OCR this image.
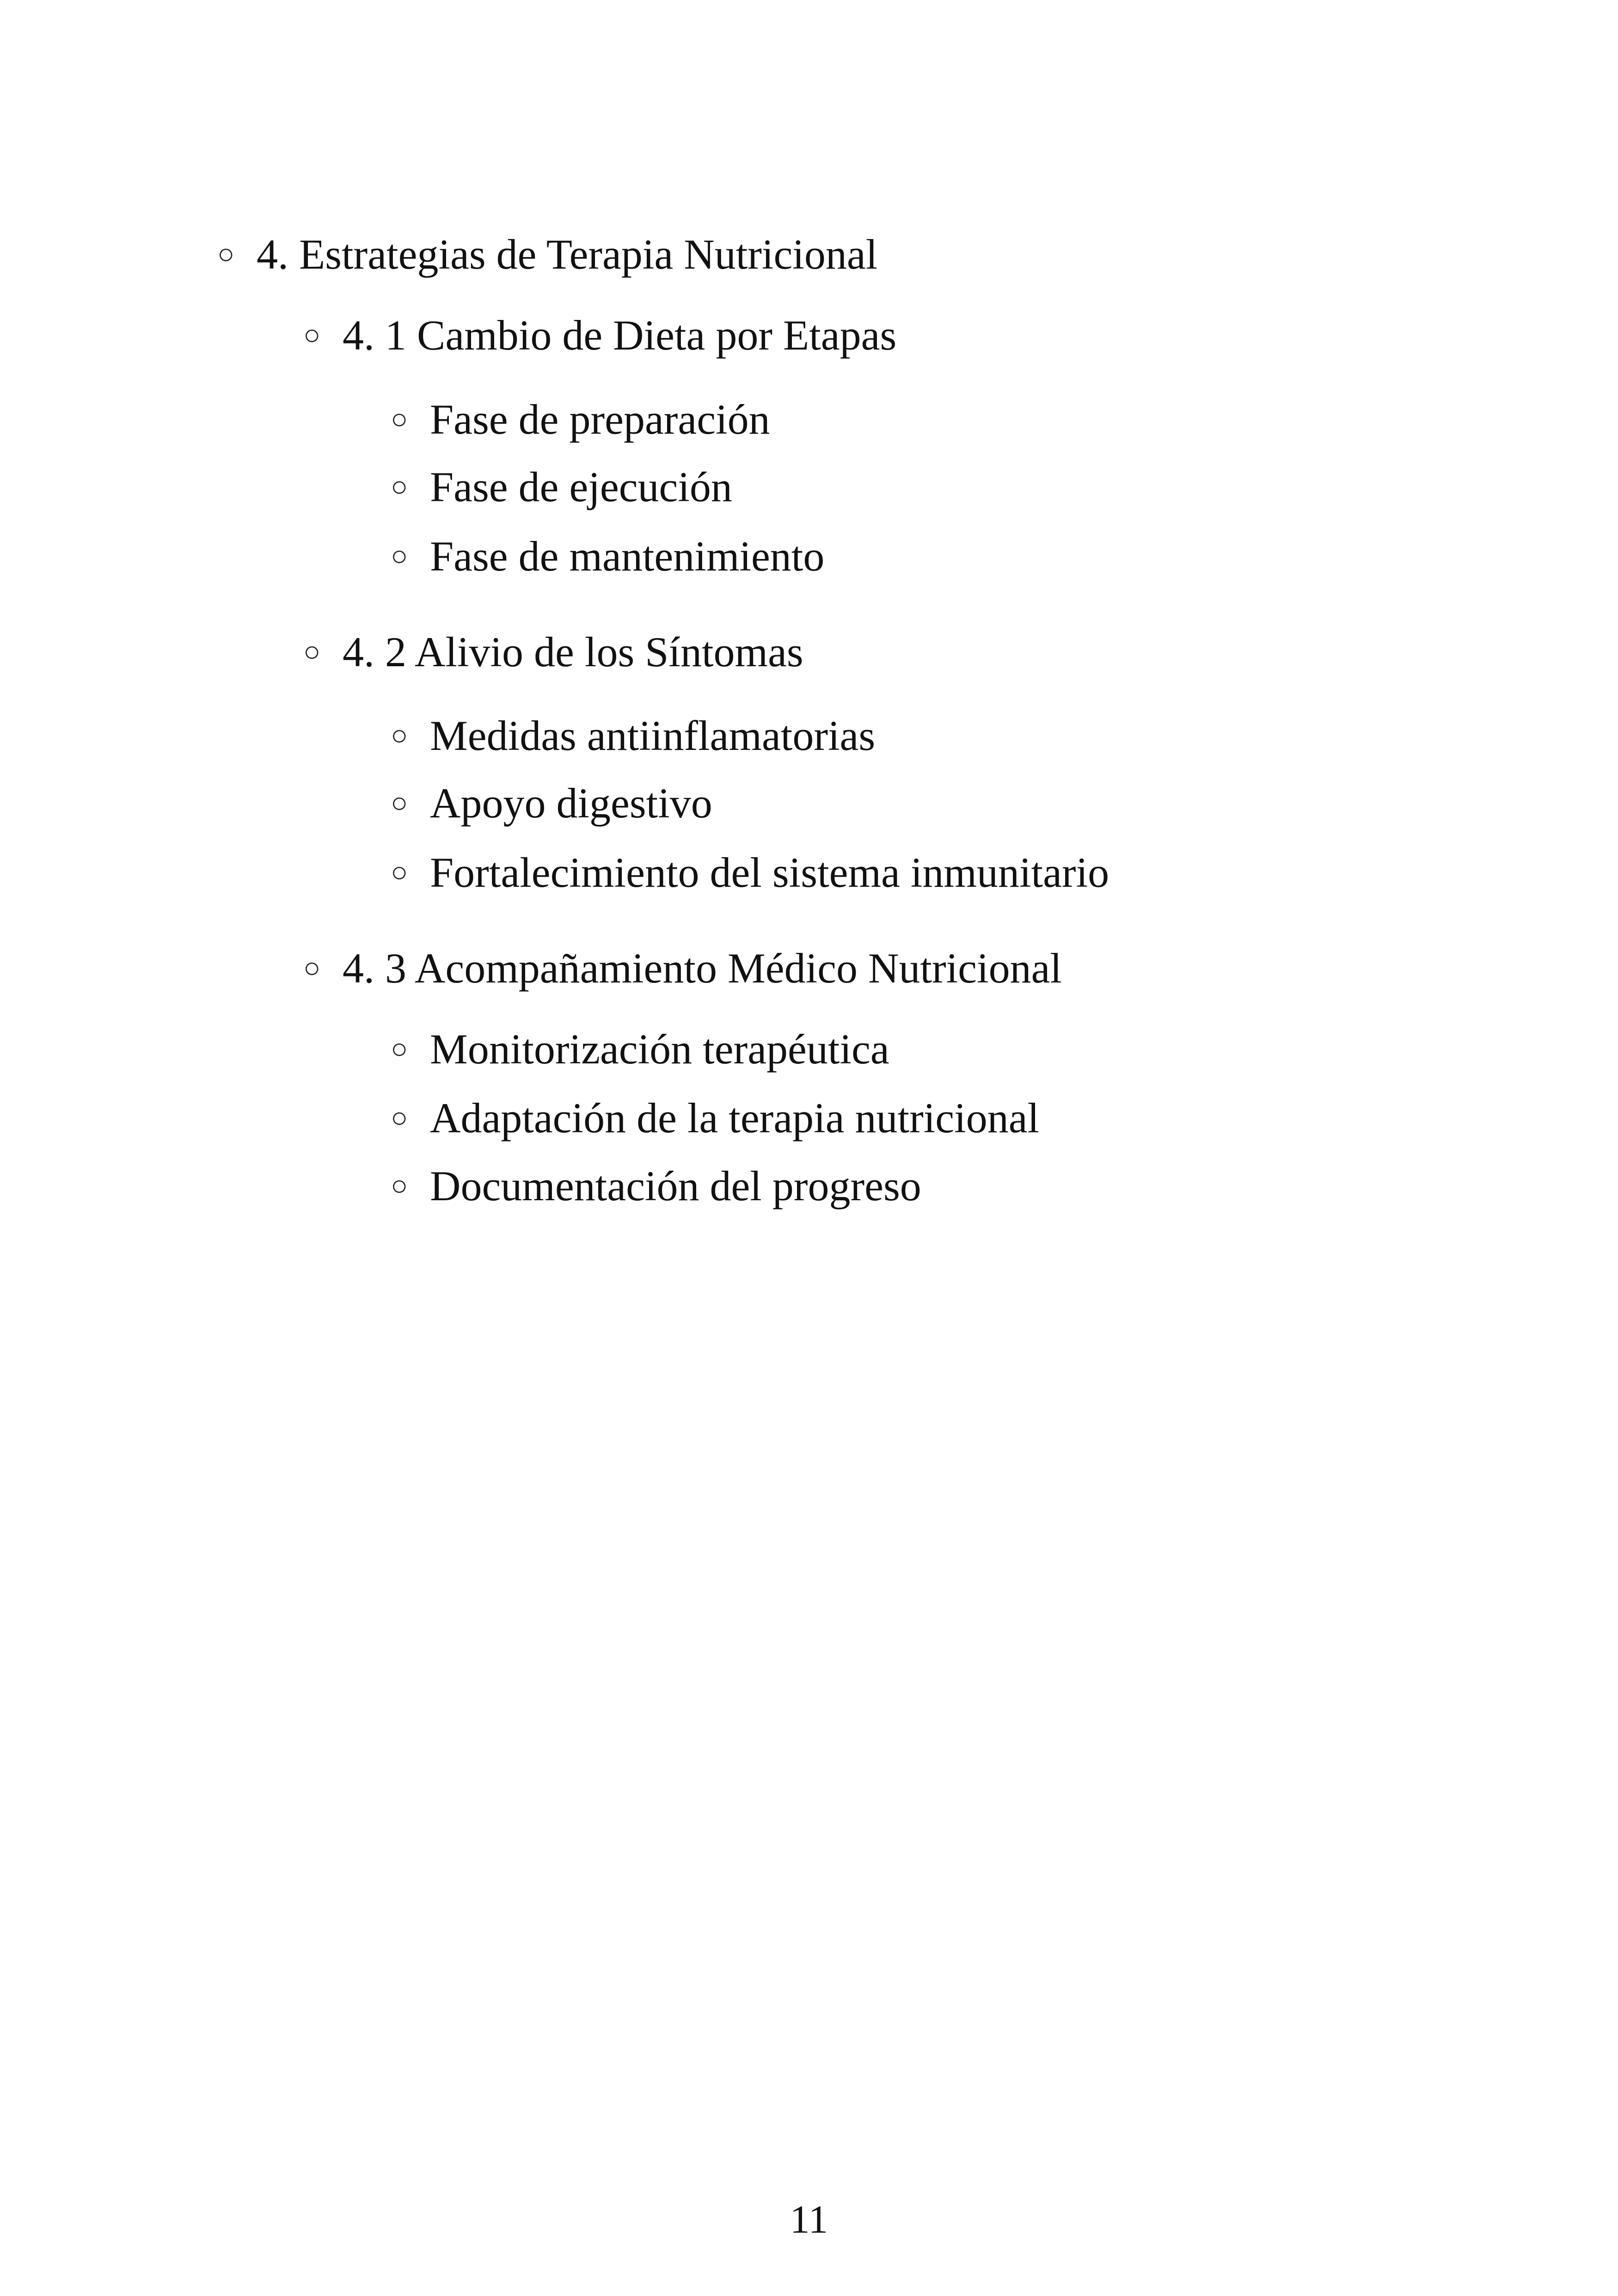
○ 4. Estrategias de Terapia Nutricional
○ 4. 1 Cambio de Dieta por Etapas
○ Fase de preparación
○ Fase de ejecución
○ Fase de mantenimiento
○ 4. 2 Alivio de los Síntomas
○ Medidas antiinflamatorias
○ Apoyo digestivo
○ Fortalecimiento del sistema inmunitario
○ 4. 3 Acompañamiento Médico Nutricional
○ Monitorización terapéutica
○ Adaptación de la terapia nutricional
○ Documentación del progreso
11
